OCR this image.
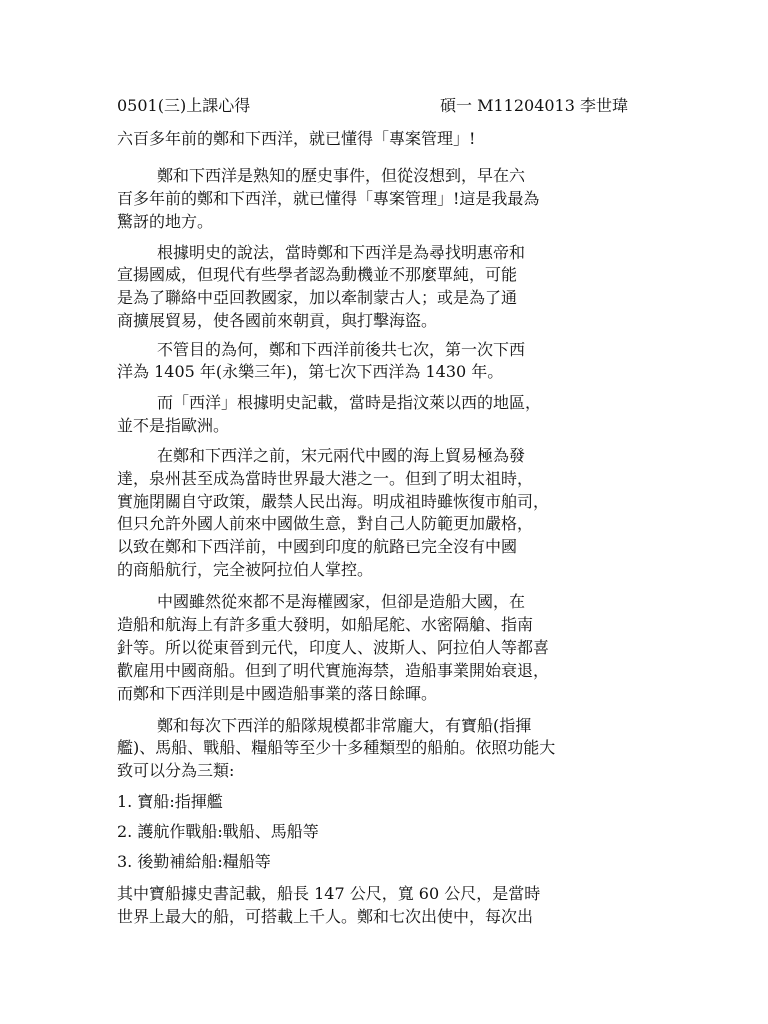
0501(三)上課心得	碩一 M11204013 李世瑋
六百多年前的鄭和下西洋，就已懂得「專案管理」!
鄭和下西洋是熟知的歷史事件，但從沒想到，早在六
百多年前的鄭和下西洋，就已懂得「專案管理」!這是我最為
驚訝的地方。
根據明史的說法，當時鄭和下西洋是為尋找明惠帝和
宣揚國威，但現代有些學者認為動機並不那麼單純，可能
是為了聯絡中亞回教國家，加以牽制蒙古人；或是為了通
商擴展貿易，使各國前來朝貢，與打擊海盜。
不管目的為何，鄭和下西洋前後共七次，第一次下西
洋為 1405 年(永樂三年)，第七次下西洋為 1430 年。
而「西洋」根據明史記載，當時是指汶萊以西的地區，
並不是指歐洲。
在鄭和下西洋之前，宋元兩代中國的海上貿易極為發
達，泉州甚至成為當時世界最大港之一。但到了明太祖時，
實施閉關自守政策，嚴禁人民出海。明成祖時雖恢復市舶司，
但只允許外國人前來中國做生意，對自己人防範更加嚴格，
以致在鄭和下西洋前，中國到印度的航路已完全沒有中國
的商船航行，完全被阿拉伯人掌控。
中國雖然從來都不是海權國家，但卻是造船大國，在
造船和航海上有許多重大發明，如船尾舵、水密隔艙、指南
針等。所以從東晉到元代，印度人、波斯人、阿拉伯人等都喜
歡雇用中國商船。但到了明代實施海禁，造船事業開始衰退，
而鄭和下西洋則是中國造船事業的落日餘暉。
鄭和每次下西洋的船隊規模都非常龐大，有寶船(指揮
艦)、馬船、戰船、糧船等至少十多種類型的船舶。依照功能大
致可以分為三類:
1. 寶船:指揮艦
2. 護航作戰船:戰船、馬船等
3. 後勤補給船:糧船等
其中寶船據史書記載，船長 147 公尺，寬 60 公尺，是當時
世界上最大的船，可搭載上千人。鄭和七次出使中，每次出
